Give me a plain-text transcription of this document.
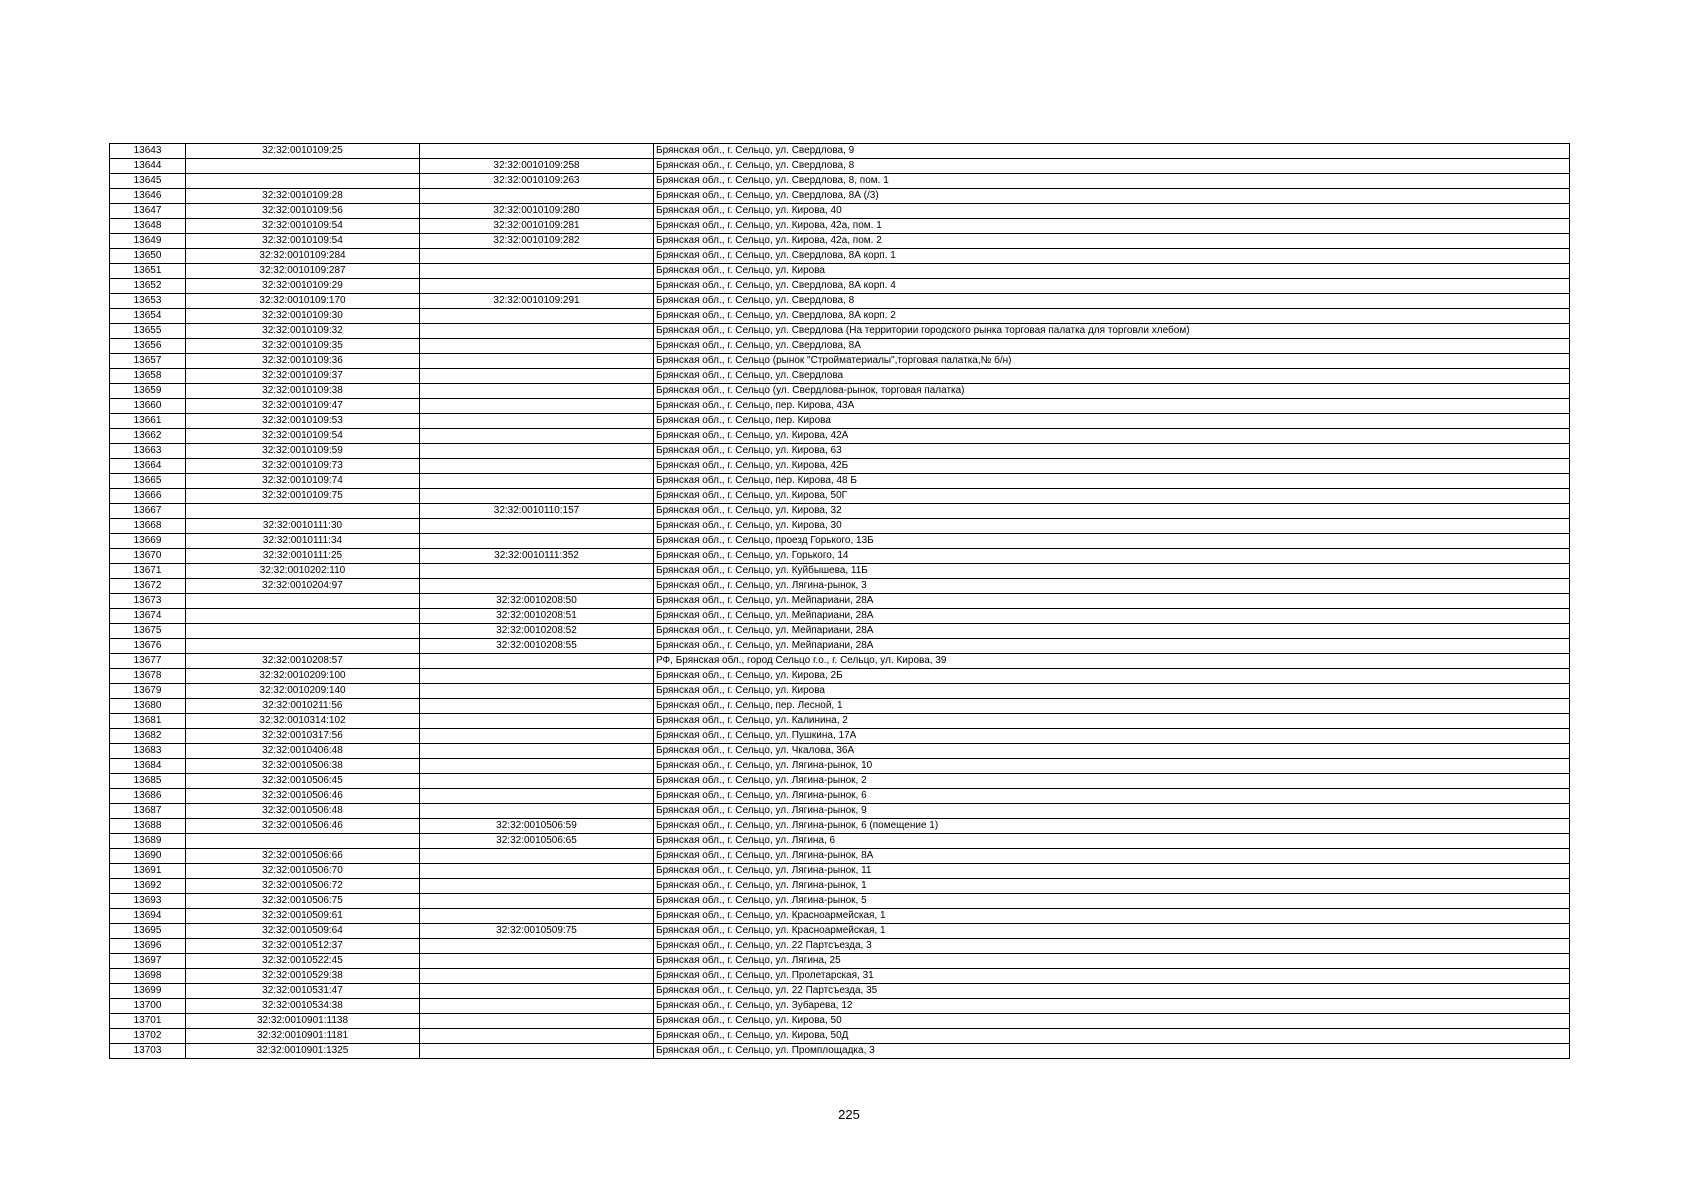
13643	32:32:0010109:25		Брянская обл., г. Сельцо, ул. Свердлова, 9
13644		32:32:0010109:258	Брянская обл., г. Сельцо, ул. Свердлова, 8
13645		32:32:0010109:263	Брянская обл., г. Сельцо, ул. Свердлова, 8, пом. 1
13646	32:32:0010109:28		Брянская обл., г. Сельцо, ул. Свердлова, 8А (/3)
13647	32:32:0010109:56	32:32:0010109:280	Брянская обл., г. Сельцо, ул. Кирова, 40
13648	32:32:0010109:54	32:32:0010109:281	Брянская обл., г. Сельцо, ул. Кирова, 42а, пом. 1
13649	32:32:0010109:54	32:32:0010109:282	Брянская обл., г. Сельцо, ул. Кирова, 42а, пом. 2
13650	32:32:0010109:284		Брянская обл., г. Сельцо, ул. Свердлова, 8А корп. 1
13651	32:32:0010109:287		Брянская обл., г. Сельцо, ул. Кирова
13652	32:32:0010109:29		Брянская обл., г. Сельцо, ул. Свердлова, 8А корп. 4
13653	32:32:0010109:170	32:32:0010109:291	Брянская обл., г. Сельцо, ул. Свердлова, 8
13654	32:32:0010109:30		Брянская обл., г. Сельцо, ул. Свердлова, 8А корп. 2
13655	32:32:0010109:32		Брянская обл., г. Сельцо, ул. Свердлова (На территории городского рынка торговая палатка для торговли хлебом)
13656	32:32:0010109:35		Брянская обл., г. Сельцо, ул. Свердлова, 8А
13657	32:32:0010109:36		Брянская обл., г. Сельцо (рынок "Стройматериалы",торговая палатка,№ б/н)
13658	32:32:0010109:37		Брянская обл., г. Сельцо, ул. Свердлова
13659	32:32:0010109:38		Брянская обл., г. Сельцо (ул. Свердлова-рынок, торговая палатка)
13660	32:32:0010109:47		Брянская обл., г. Сельцо, пер. Кирова, 43А
13661	32:32:0010109:53		Брянская обл., г. Сельцо, пер. Кирова
13662	32:32:0010109:54		Брянская обл., г. Сельцо, ул. Кирова, 42А
13663	32:32:0010109:59		Брянская обл., г. Сельцо, ул. Кирова, 63
13664	32:32:0010109:73		Брянская обл., г. Сельцо, ул. Кирова, 42Б
13665	32:32:0010109:74		Брянская обл., г. Сельцо, пер. Кирова, 48 Б
13666	32:32:0010109:75		Брянская обл., г. Сельцо, ул. Кирова, 50Г
13667		32:32:0010110:157	Брянская обл., г. Сельцо, ул. Кирова, 32
13668	32:32:0010111:30		Брянская обл., г. Сельцо, ул. Кирова, 30
13669	32:32:0010111:34		Брянская обл., г. Сельцо, проезд Горького, 13Б
13670	32:32:0010111:25	32:32:0010111:352	Брянская обл., г. Сельцо, ул. Горького, 14
13671	32:32:0010202:110		Брянская обл., г. Сельцо, ул. Куйбышева, 11Б
13672	32:32:0010204:97		Брянская обл., г. Сельцо, ул. Лягина-рынок, 3
13673		32:32:0010208:50	Брянская обл., г. Сельцо, ул. Мейпариани, 28А
13674		32:32:0010208:51	Брянская обл., г. Сельцо, ул. Мейпариани, 28А
13675		32:32:0010208:52	Брянская обл., г. Сельцо, ул. Мейпариани, 28А
13676		32:32:0010208:55	Брянская обл., г. Сельцо, ул. Мейпариани, 28А
13677	32:32:0010208:57		РФ, Брянская обл., город Сельцо г.о., г. Сельцо, ул. Кирова, 39
13678	32:32:0010209:100		Брянская обл., г. Сельцо, ул. Кирова, 2Б
13679	32:32:0010209:140		Брянская обл., г. Сельцо, ул. Кирова
13680	32:32:0010211:56		Брянская обл., г. Сельцо, пер. Лесной, 1
13681	32:32:0010314:102		Брянская обл., г. Сельцо, ул. Калинина, 2
13682	32:32:0010317:56		Брянская обл., г. Сельцо, ул. Пушкина, 17А
13683	32:32:0010406:48		Брянская обл., г. Сельцо, ул. Чкалова, 36А
13684	32:32:0010506:38		Брянская обл., г. Сельцо, ул. Лягина-рынок, 10
13685	32:32:0010506:45		Брянская обл., г. Сельцо, ул. Лягина-рынок, 2
13686	32:32:0010506:46		Брянская обл., г. Сельцо, ул. Лягина-рынок, 6
13687	32:32:0010506:48		Брянская обл., г. Сельцо, ул. Лягина-рынок, 9
13688	32:32:0010506:46	32:32:0010506:59	Брянская обл., г. Сельцо, ул. Лягина-рынок, 6 (помещение 1)
13689		32:32:0010506:65	Брянская обл., г. Сельцо, ул. Лягина, 6
13690	32:32:0010506:66		Брянская обл., г. Сельцо, ул. Лягина-рынок, 8А
13691	32:32:0010506:70		Брянская обл., г. Сельцо, ул. Лягина-рынок, 11
13692	32:32:0010506:72		Брянская обл., г. Сельцо, ул. Лягина-рынок, 1
13693	32:32:0010506:75		Брянская обл., г. Сельцо, ул. Лягина-рынок, 5
13694	32:32:0010509:61		Брянская обл., г. Сельцо, ул. Красноармейская, 1
13695	32:32:0010509:64	32:32:0010509:75	Брянская обл., г. Сельцо, ул. Красноармейская, 1
13696	32:32:0010512:37		Брянская обл., г. Сельцо, ул. 22 Партсъезда, 3
13697	32:32:0010522:45		Брянская обл., г. Сельцо, ул. Лягина, 25
13698	32:32:0010529:38		Брянская обл., г. Сельцо, ул. Пролетарская, 31
13699	32:32:0010531:47		Брянская обл., г. Сельцо, ул. 22 Партсъезда, 35
13700	32:32:0010534:38		Брянская обл., г. Сельцо, ул. Зубарева, 12
13701	32:32:0010901:1138		Брянская обл., г. Сельцо, ул. Кирова, 50
13702	32:32:0010901:1181		Брянская обл., г. Сельцо, ул. Кирова, 50Д
13703	32:32:0010901:1325		Брянская обл., г. Сельцо, ул. Промплощадка, 3
225
